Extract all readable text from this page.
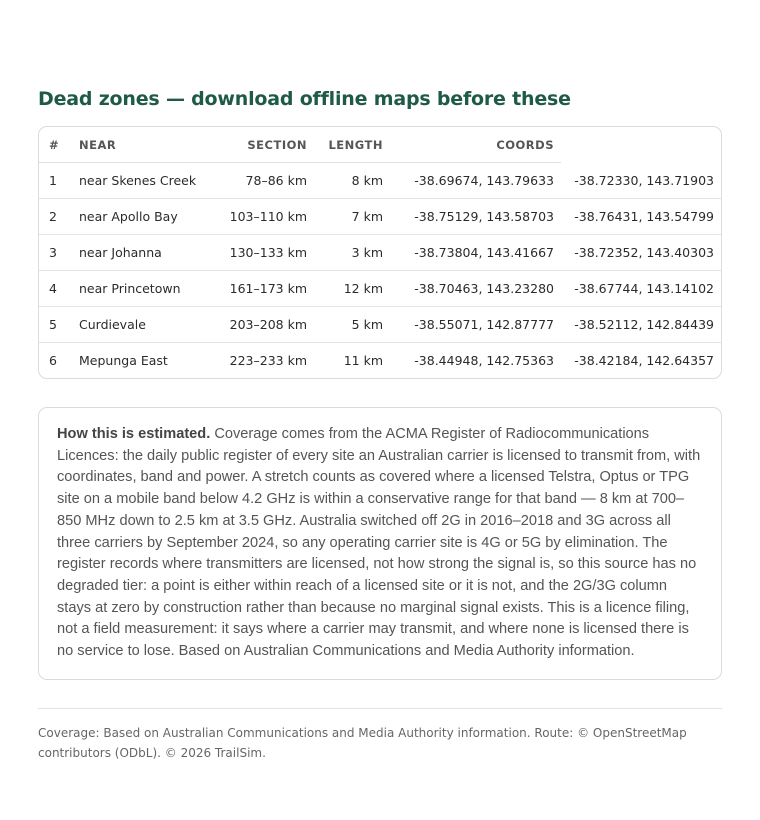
Dead zones — download offline maps before these
#	NEAR	SECTION	LENGTH	COORDS	
1	near Skenes Creek	78–86 km	8 km	-38.69674, 143.79633	-38.72330, 143.71903
2	near Apollo Bay	103–110 km	7 km	-38.75129, 143.58703	-38.76431, 143.54799
3	near Johanna	130–133 km	3 km	-38.73804, 143.41667	-38.72352, 143.40303
4	near Princetown	161–173 km	12 km	-38.70463, 143.23280	-38.67744, 143.14102
5	Curdievale	203–208 km	5 km	-38.55071, 142.87777	-38.52112, 142.84439
6	Mepunga East	223–233 km	11 km	-38.44948, 142.75363	-38.42184, 142.64357
How this is estimated. Coverage comes from the ACMA Register of Radiocommunications Licences: the daily public register of every site an Australian carrier is licensed to transmit from, with coordinates, band and power. A stretch counts as covered where a licensed Telstra, Optus or TPG site on a mobile band below 4.2 GHz is within a conservative range for that band — 8 km at 700–850 MHz down to 2.5 km at 3.5 GHz. Australia switched off 2G in 2016–2018 and 3G across all three carriers by September 2024, so any operating carrier site is 4G or 5G by elimination. The register records where transmitters are licensed, not how strong the signal is, so this source has no degraded tier: a point is either within reach of a licensed site or it is not, and the 2G/3G column stays at zero by construction rather than because no marginal signal exists. This is a licence filing, not a field measurement: it says where a carrier may transmit, and where none is licensed there is no service to lose. Based on Australian Communications and Media Authority information.
Coverage: Based on Australian Communications and Media Authority information. Route: © OpenStreetMap contributors (ODbL). © 2026 TrailSim.
